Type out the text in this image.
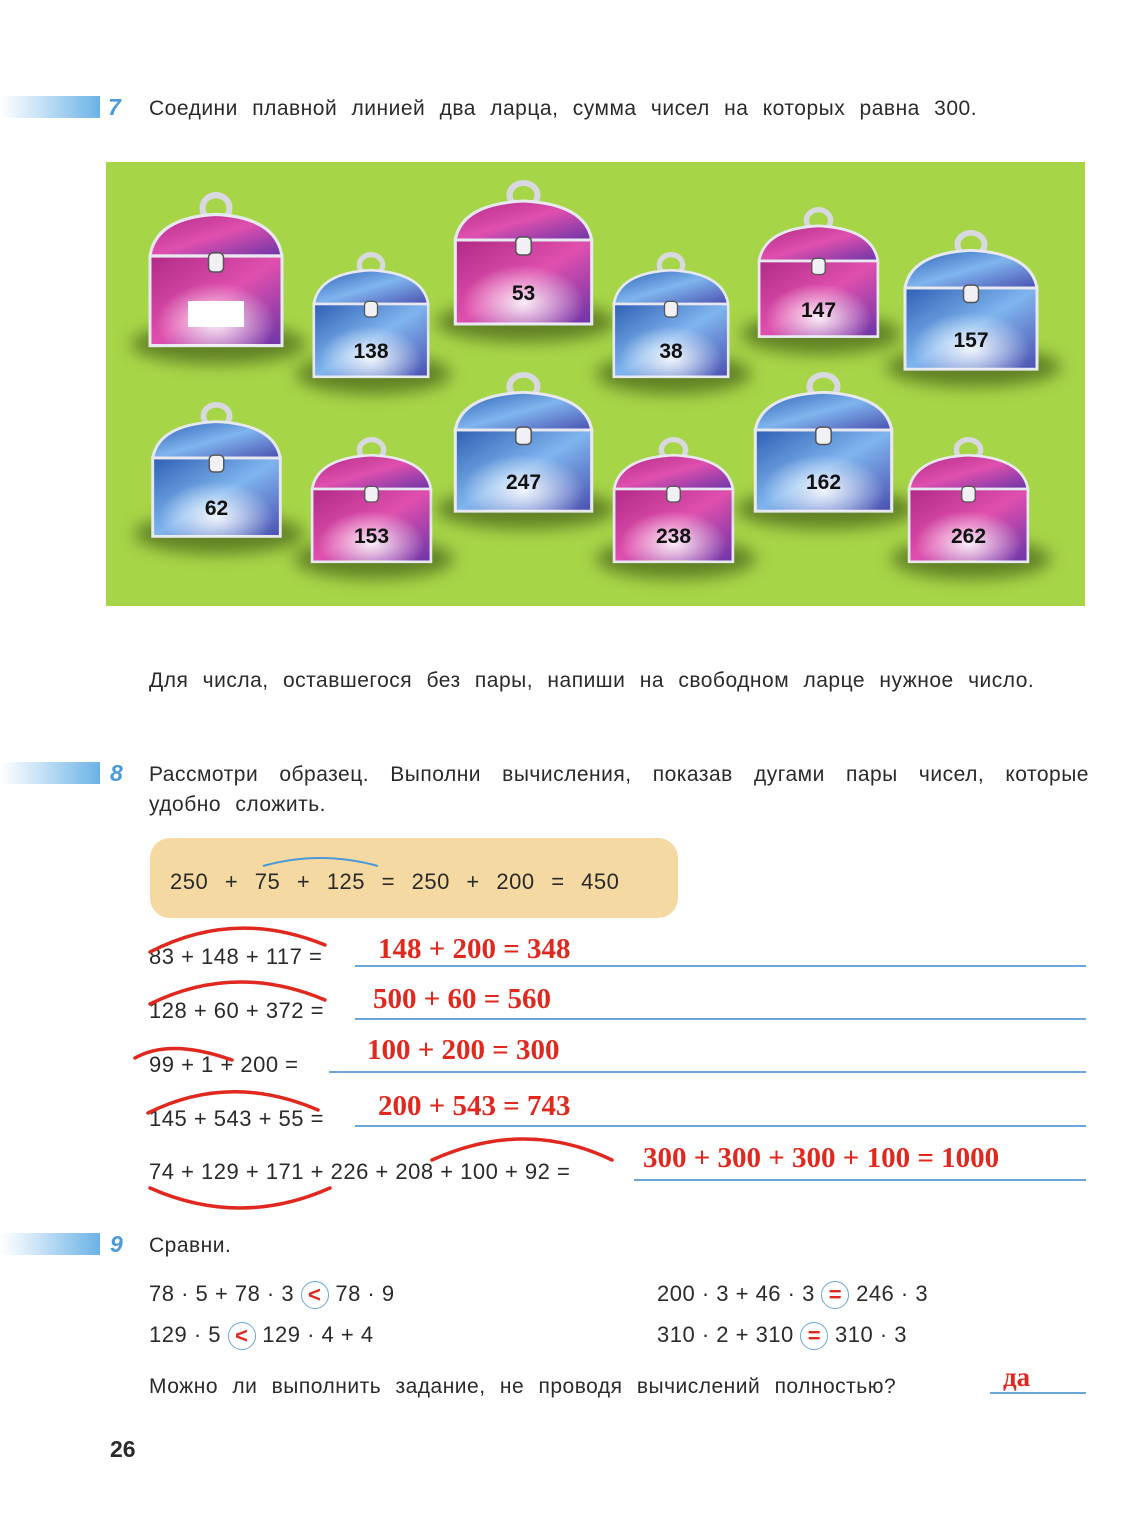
7 Соедини плавной линией два ларца, сумма чисел на которых равна 300.
138
53
38
147
157
62
153
247
238
162
262
Для числа, оставшегося без пары, напиши на свободном ларце нужное число.
8 Рассмотри образец. Выполни вычисления, показав дугами пары чисел, которые удобно сложить.
250 + 75 + 125 = 250 + 200 = 450
83 + 148 + 117 = 148 + 200 = 348
128 + 60 + 372 = 500 + 60 = 560
99 + 1 + 200 = 100 + 200 = 300
145 + 543 + 55 = 200 + 543 = 743
74 + 129 + 171 + 226 + 208 + 100 + 92 =	300 + 300 + 300 + 100 = 1000
9 Сравни.
78 · 5 + 78 · 3 < 78 · 9
129 · 5 < 129 · 4 + 4
200 · 3 + 46 · 3 = 246 · 3
310 · 2 + 310 = 310 · 3
Можно ли выполнить задание, не проводя вычислений полностью?	да
26
